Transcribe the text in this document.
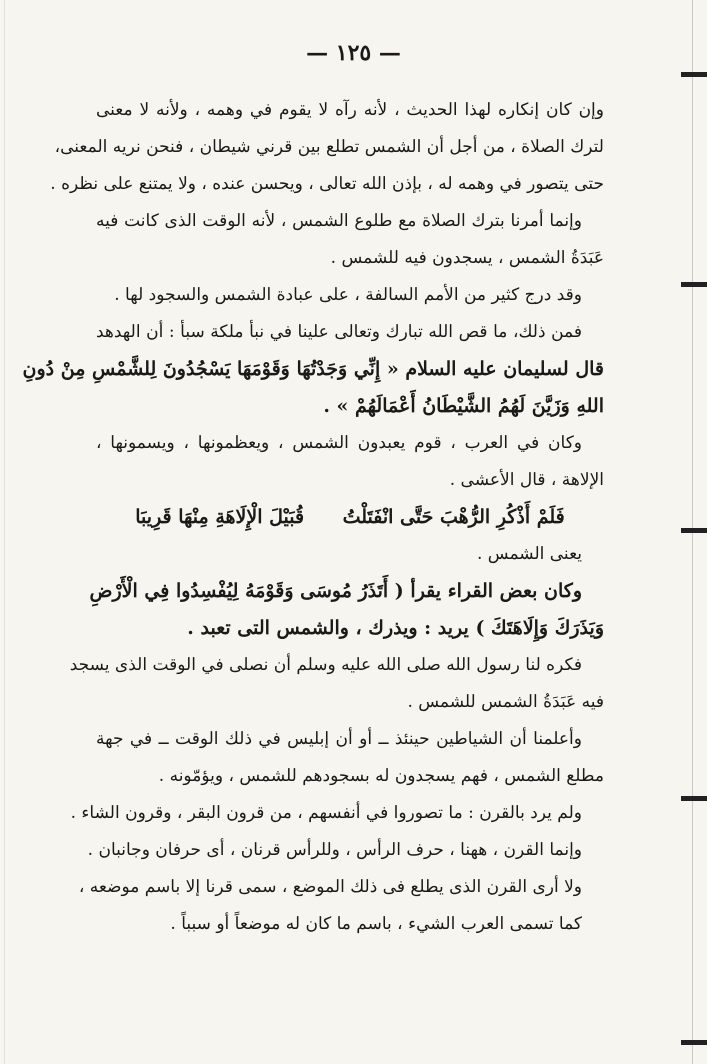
— ١٢٥ —
وإن كان إنكاره لهذا الحديث ، لأنه رآه لا يقوم في وهمه ، ولأنه لا معنى
لترك الصلاة ، من أجل أن الشمس تطلع بين قرني شيطان ، فنحن نريه المعنى،
حتى يتصور في وهمه له ، بإذن الله تعالى ، ويحسن عنده ، ولا يمتنع على نظره .
وإنما أمرنا بترك الصلاة مع طلوع الشمس ، لأنه الوقت الذى كانت فيه
عَبَدَةُ الشمس ، يسجدون فيه للشمس .
وقد درج كثير من الأمم السالفة ، على عبادة الشمس والسجود لها .
فمن ذلك، ما قص الله تبارك وتعالى علينا في نبأ ملكة سبأ : أن الهدهد
قال لسليمان عليه السلام « إِنِّي وَجَدْتُهَا وَقَوْمَهَا يَسْجُدُونَ لِلشَّمْسِ مِنْ دُونِ
اللهِ وَزَيَّنَ لَهُمُ الشَّيْطَانُ أَعْمَالَهُمْ » .
وكان في العرب ، قوم يعبدون الشمس ، ويعظمونها ، ويسمونها ،
الإلاهة ، قال الأعشى .
فَلَمْ أَذْكُرِ الرُّهْبَ حَتَّى انْفَتَلْتُ
قُبَيْلَ الْإِلَاهَةِ مِنْهَا قَرِيبَا
يعنى الشمس .
وكان بعض القراء يقرأ ( أَتَذَرُ مُوسَى وَقَوْمَهُ لِيُفْسِدُوا فِي الْأَرْضِ
وَيَذَرَكَ وَإِلَاهَتَكَ ) يريد : ويذرك ، والشمس التى تعبد .
فكره لنا رسول الله صلى الله عليه وسلم أن نصلى في الوقت الذى يسجد
فيه عَبَدَةُ الشمس للشمس .
وأعلمنا أن الشياطين حينئذ ــ أو أن إبليس في ذلك الوقت ــ في جهة
مطلع الشمس ، فهم يسجدون له بسجودهم للشمس ، ويؤمّونه .
ولم يرد بالقرن : ما تصوروا في أنفسهم ، من قرون البقر ، وقرون الشاء .
وإنما القرن ، ههنا ، حرف الرأس ، وللرأس قرنان ، أى حرفان وجانبان .
ولا أرى القرن الذى يطلع فى ذلك الموضع ، سمى قرنا إلا باسم موضعه ،
كما تسمى العرب الشيء ، باسم ما كان له موضعاً أو سبباً .
